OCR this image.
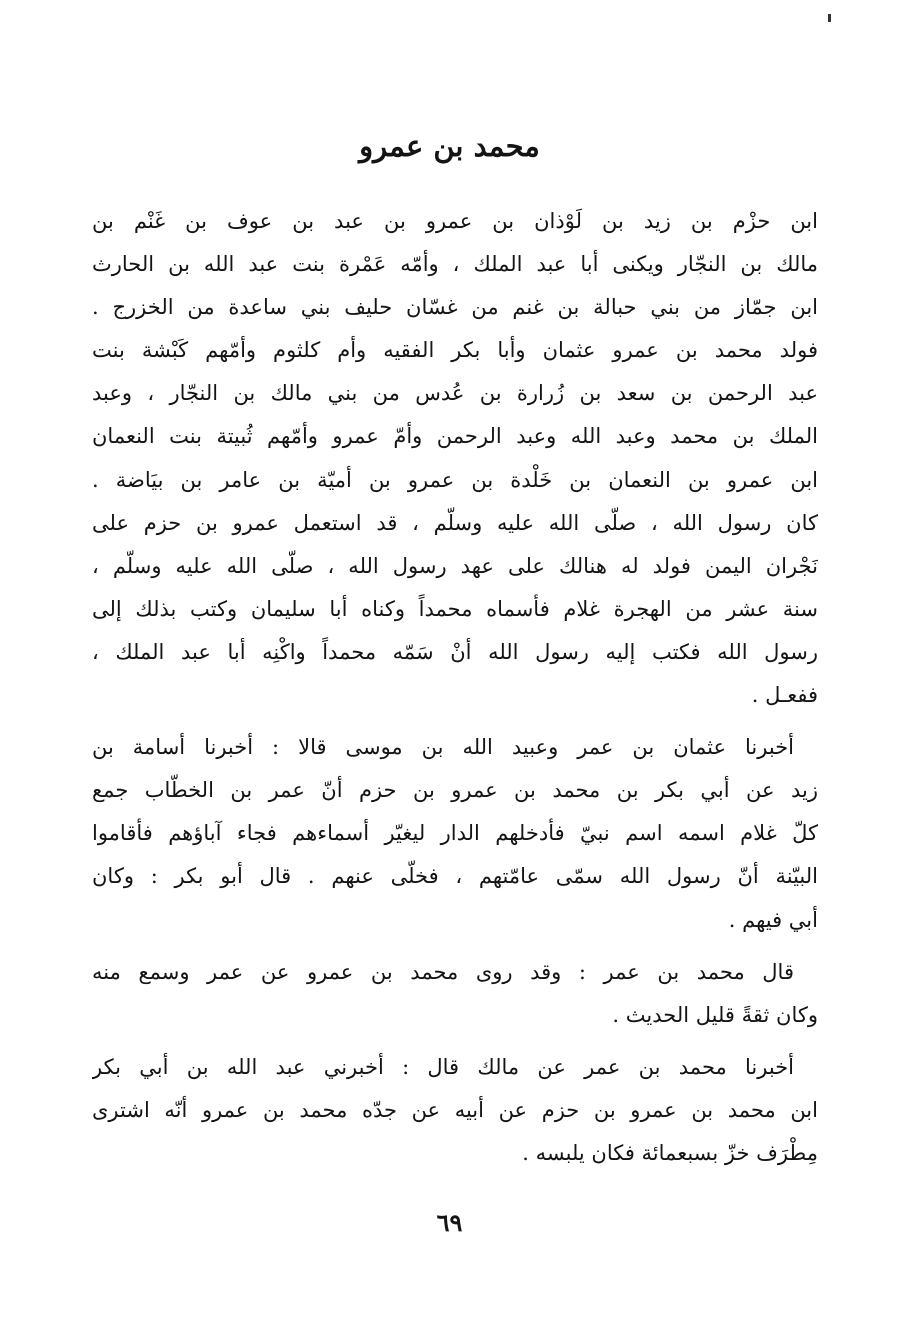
محمد بن عمرو

ابن حزْم بن زيد بن لَوْذان بن عمرو بن عبد بن عوف بن غَنْم بن
مالك بن النجّار ويكنى أبا عبد الملك ، وأمّه عَمْرة بنت عبد الله بن الحارث
ابن جمّاز من بني حبالة بن غنم من غسّان حليف بني ساعدة من الخزرج .
فولد محمد بن عمرو عثمان وأبا بكر الفقيه وأم كلثوم وأمّهم كَبْشة بنت
عبد الرحمن بن سعد بن زُرارة بن عُدس من بني مالك بن النجّار ، وعبد
الملك بن محمد وعبد الله وعبد الرحمن وأمّ عمرو وأمّهم ثُبيتة بنت النعمان
ابن عمرو بن النعمان بن خَلْدة بن عمرو بن أميّة بن عامر بن بيَاضة .
كان رسول الله ، صلّى الله عليه وسلّم ، قد استعمل عمرو بن حزم على
نَجْران اليمن فولد له هنالك على عهد رسول الله ، صلّى الله عليه وسلّم ،
سنة عشر من الهجرة غلام فأسماه محمداً وكناه أبا سليمان وكتب بذلك إلى
رسول الله فكتب إليه رسول الله أنْ سَمّه محمداً واكْنِه أبا عبد الملك ،
ففعـل .

أخبرنا عثمان بن عمر وعبيد الله بن موسى قالا : أخبرنا أسامة بن
زيد عن أبي بكر بن محمد بن عمرو بن حزم أنّ عمر بن الخطّاب جمع
كلّ غلام اسمه اسم نبيّ فأدخلهم الدار ليغيّر أسماءهم فجاء آباؤهم فأقاموا
البيّنة أنّ رسول الله سمّى عامّتهم ، فخلّى عنهم . قال أبو بكر : وكان
أبي فيهم .

قال محمد بن عمر : وقد روى محمد بن عمرو عن عمر وسمع منه
وكان ثقةً قليل الحديث .

أخبرنا محمد بن عمر عن مالك قال : أخبرني عبد الله بن أبي بكر
ابن محمد بن عمرو بن حزم عن أبيه عن جدّه محمد بن عمرو أنّه اشترى
مِطْرَف خزّ بسبعمائة فكان يلبسه .

٦٩
